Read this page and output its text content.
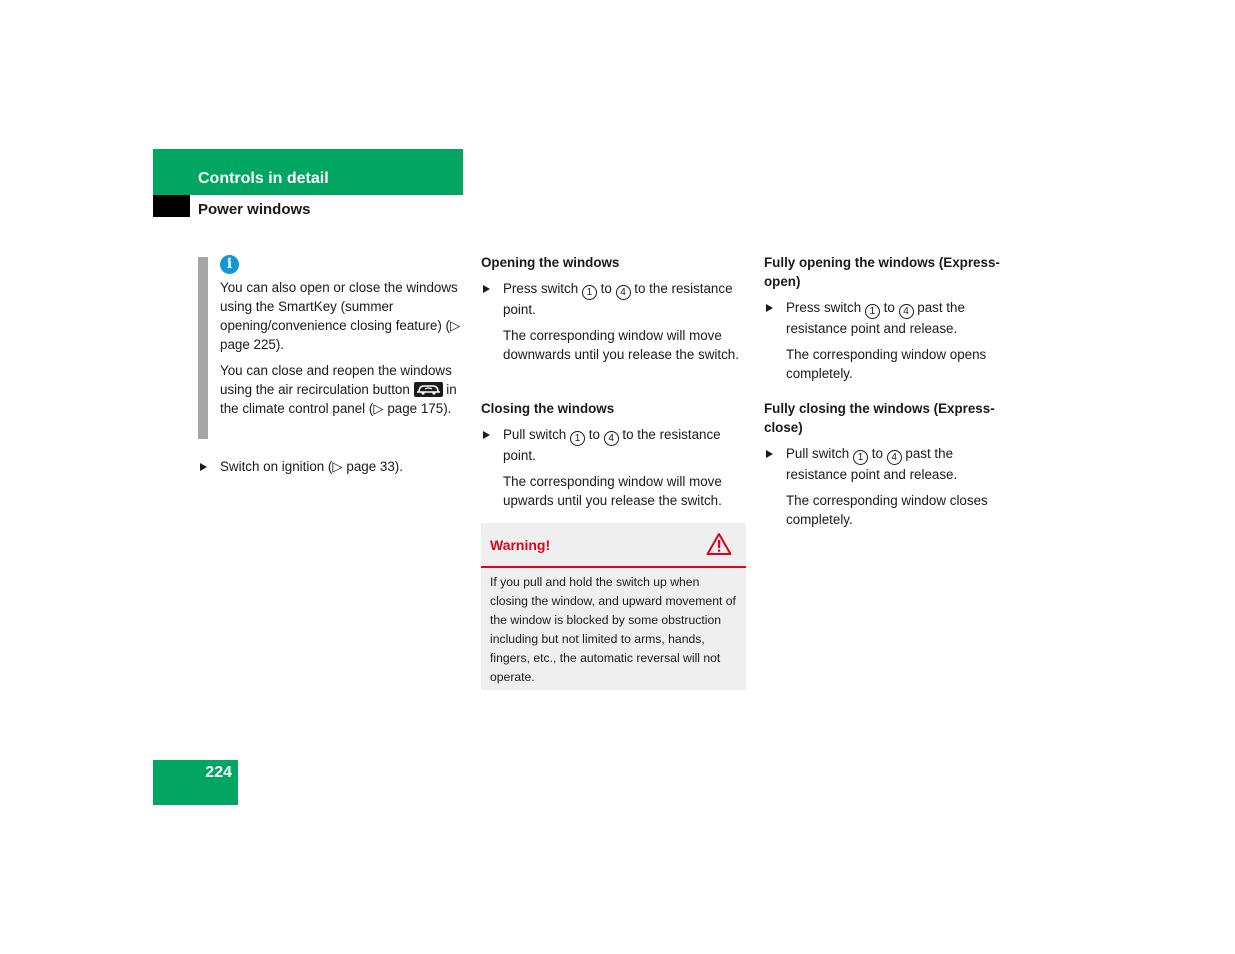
Controls in detail
Power windows
i

You can also open or close the windows using the SmartKey (summer opening/convenience closing feature) (▷ page 225).

You can close and reopen the windows using the air recirculation button	in the climate control panel (▷ page 175).

Switch on ignition (▷ page 33).

Opening the windows

Press switch 1 to 4 to the resistance point.

The corresponding window will move downwards until you release the switch.

Closing the windows

Pull switch 1 to 4 to the resistance point.

The corresponding window will move upwards until you release the switch.

Warning!

If you pull and hold the switch up when closing the window, and upward movement of the window is blocked by some obstruction including but not limited to arms, hands, fingers, etc., the automatic reversal will not operate.

Fully opening the windows (Express-open)

Press switch 1 to 4 past the resistance point and release.

The corresponding window opens completely.

Fully closing the windows (Express-close)

Pull switch 1 to 4 past the resistance point and release.

The corresponding window closes completely.

224
